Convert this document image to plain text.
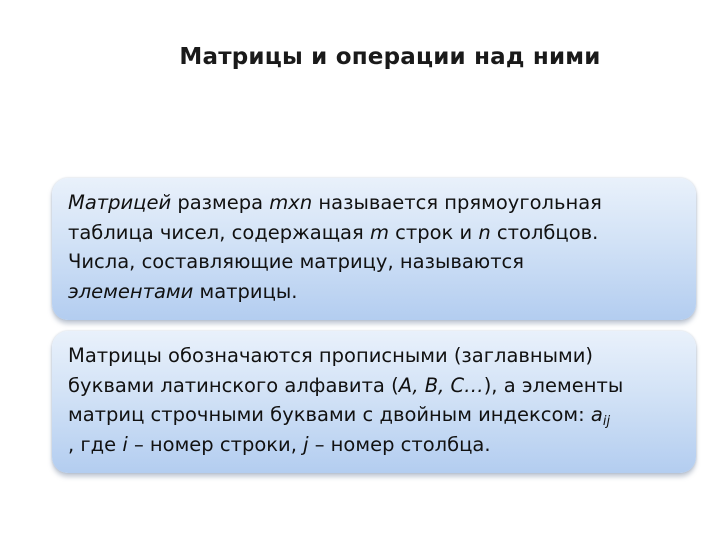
Матрицы и операции над ними
Матрицей размера mxn называется прямоугольная
таблица чисел, содержащая m строк и n столбцов.
Числа, составляющие матрицу, называются
элементами матрицы.
Матрицы обозначаются прописными (заглавными)
буквами латинского алфавита (A, B, C…), а элементы
матриц строчными буквами с двойным индексом: $a_{ij}$
, где i – номер строки, j – номер столбца.
